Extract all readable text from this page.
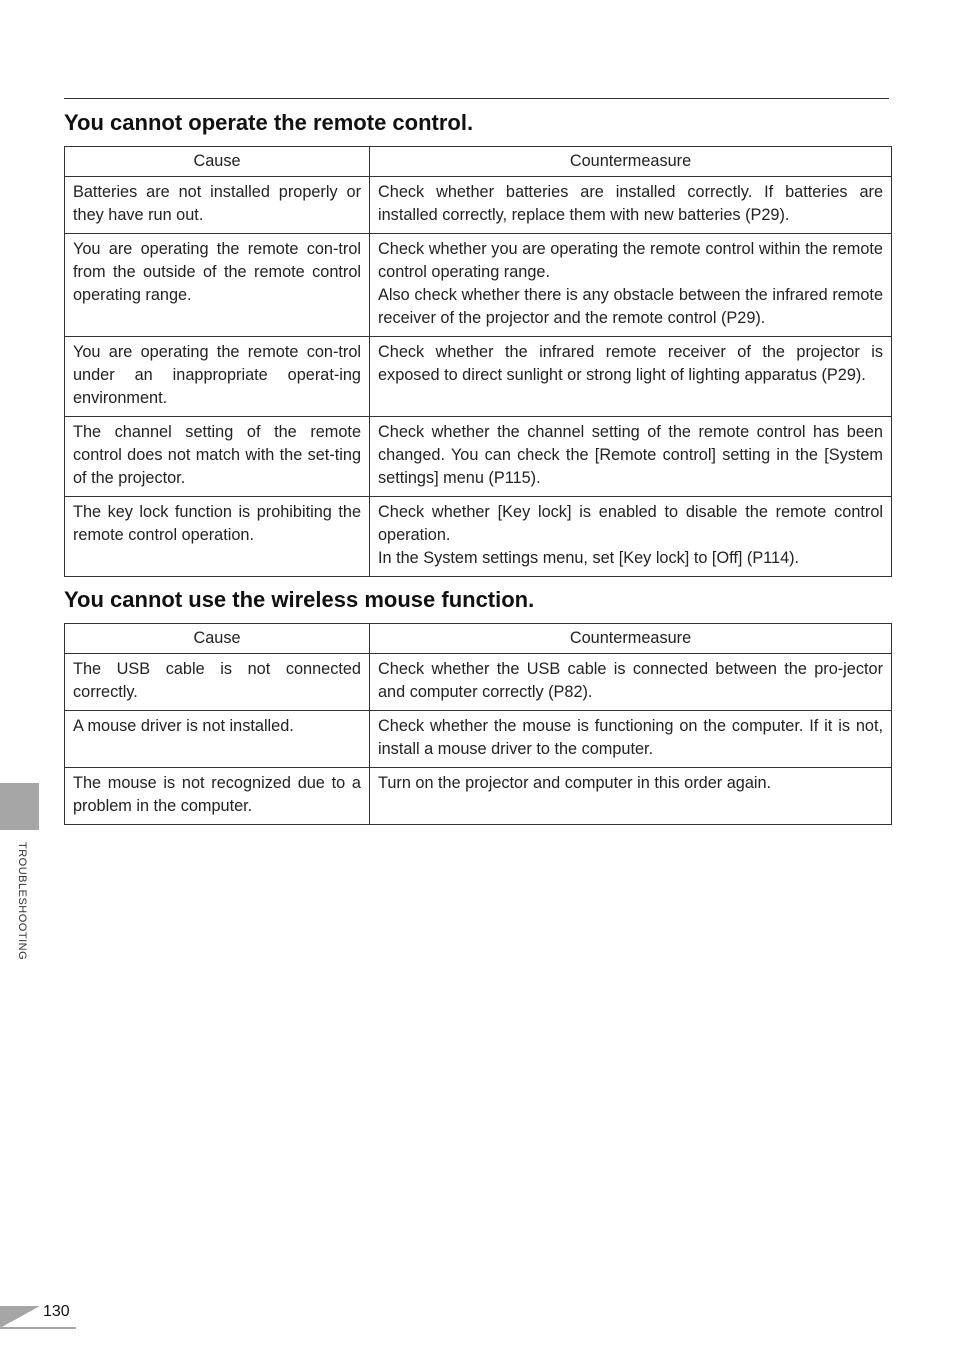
You cannot operate the remote control.
Cause	Countermeasure
Batteries are not installed properly or they have run out.	Check whether batteries are installed correctly. If batteries are installed correctly, replace them with new batteries (P29).

You are operating the remote con-trol from the outside of the remote control operating range.	Check whether you are operating the remote control within the remote control operating range.
Also check whether there is any obstacle between the infrared remote receiver of the projector and the remote control (P29).

You are operating the remote con-trol under an inappropriate operat-ing environment.	Check whether the infrared remote receiver of the projector is exposed to direct sunlight or strong light of lighting apparatus (P29).

The channel setting of the remote control does not match with the set-ting of the projector.	Check whether the channel setting of the remote control has been changed. You can check the [Remote control] setting in the [System settings] menu (P115).

The key lock function is prohibiting the remote control operation.	Check whether [Key lock] is enabled to disable the remote control operation.
In the System settings menu, set [Key lock] to [Off] (P114).
You cannot use the wireless mouse function.
Cause	Countermeasure
The USB cable is not connected correctly.	Check whether the USB cable is connected between the pro-jector and computer correctly (P82).

A mouse driver is not installed.	Check whether the mouse is functioning on the computer. If it is not, install a mouse driver to the computer.

The mouse is not recognized due to a problem in the computer.	Turn on the projector and computer in this order again.
TROUBLESHOOTING
130
